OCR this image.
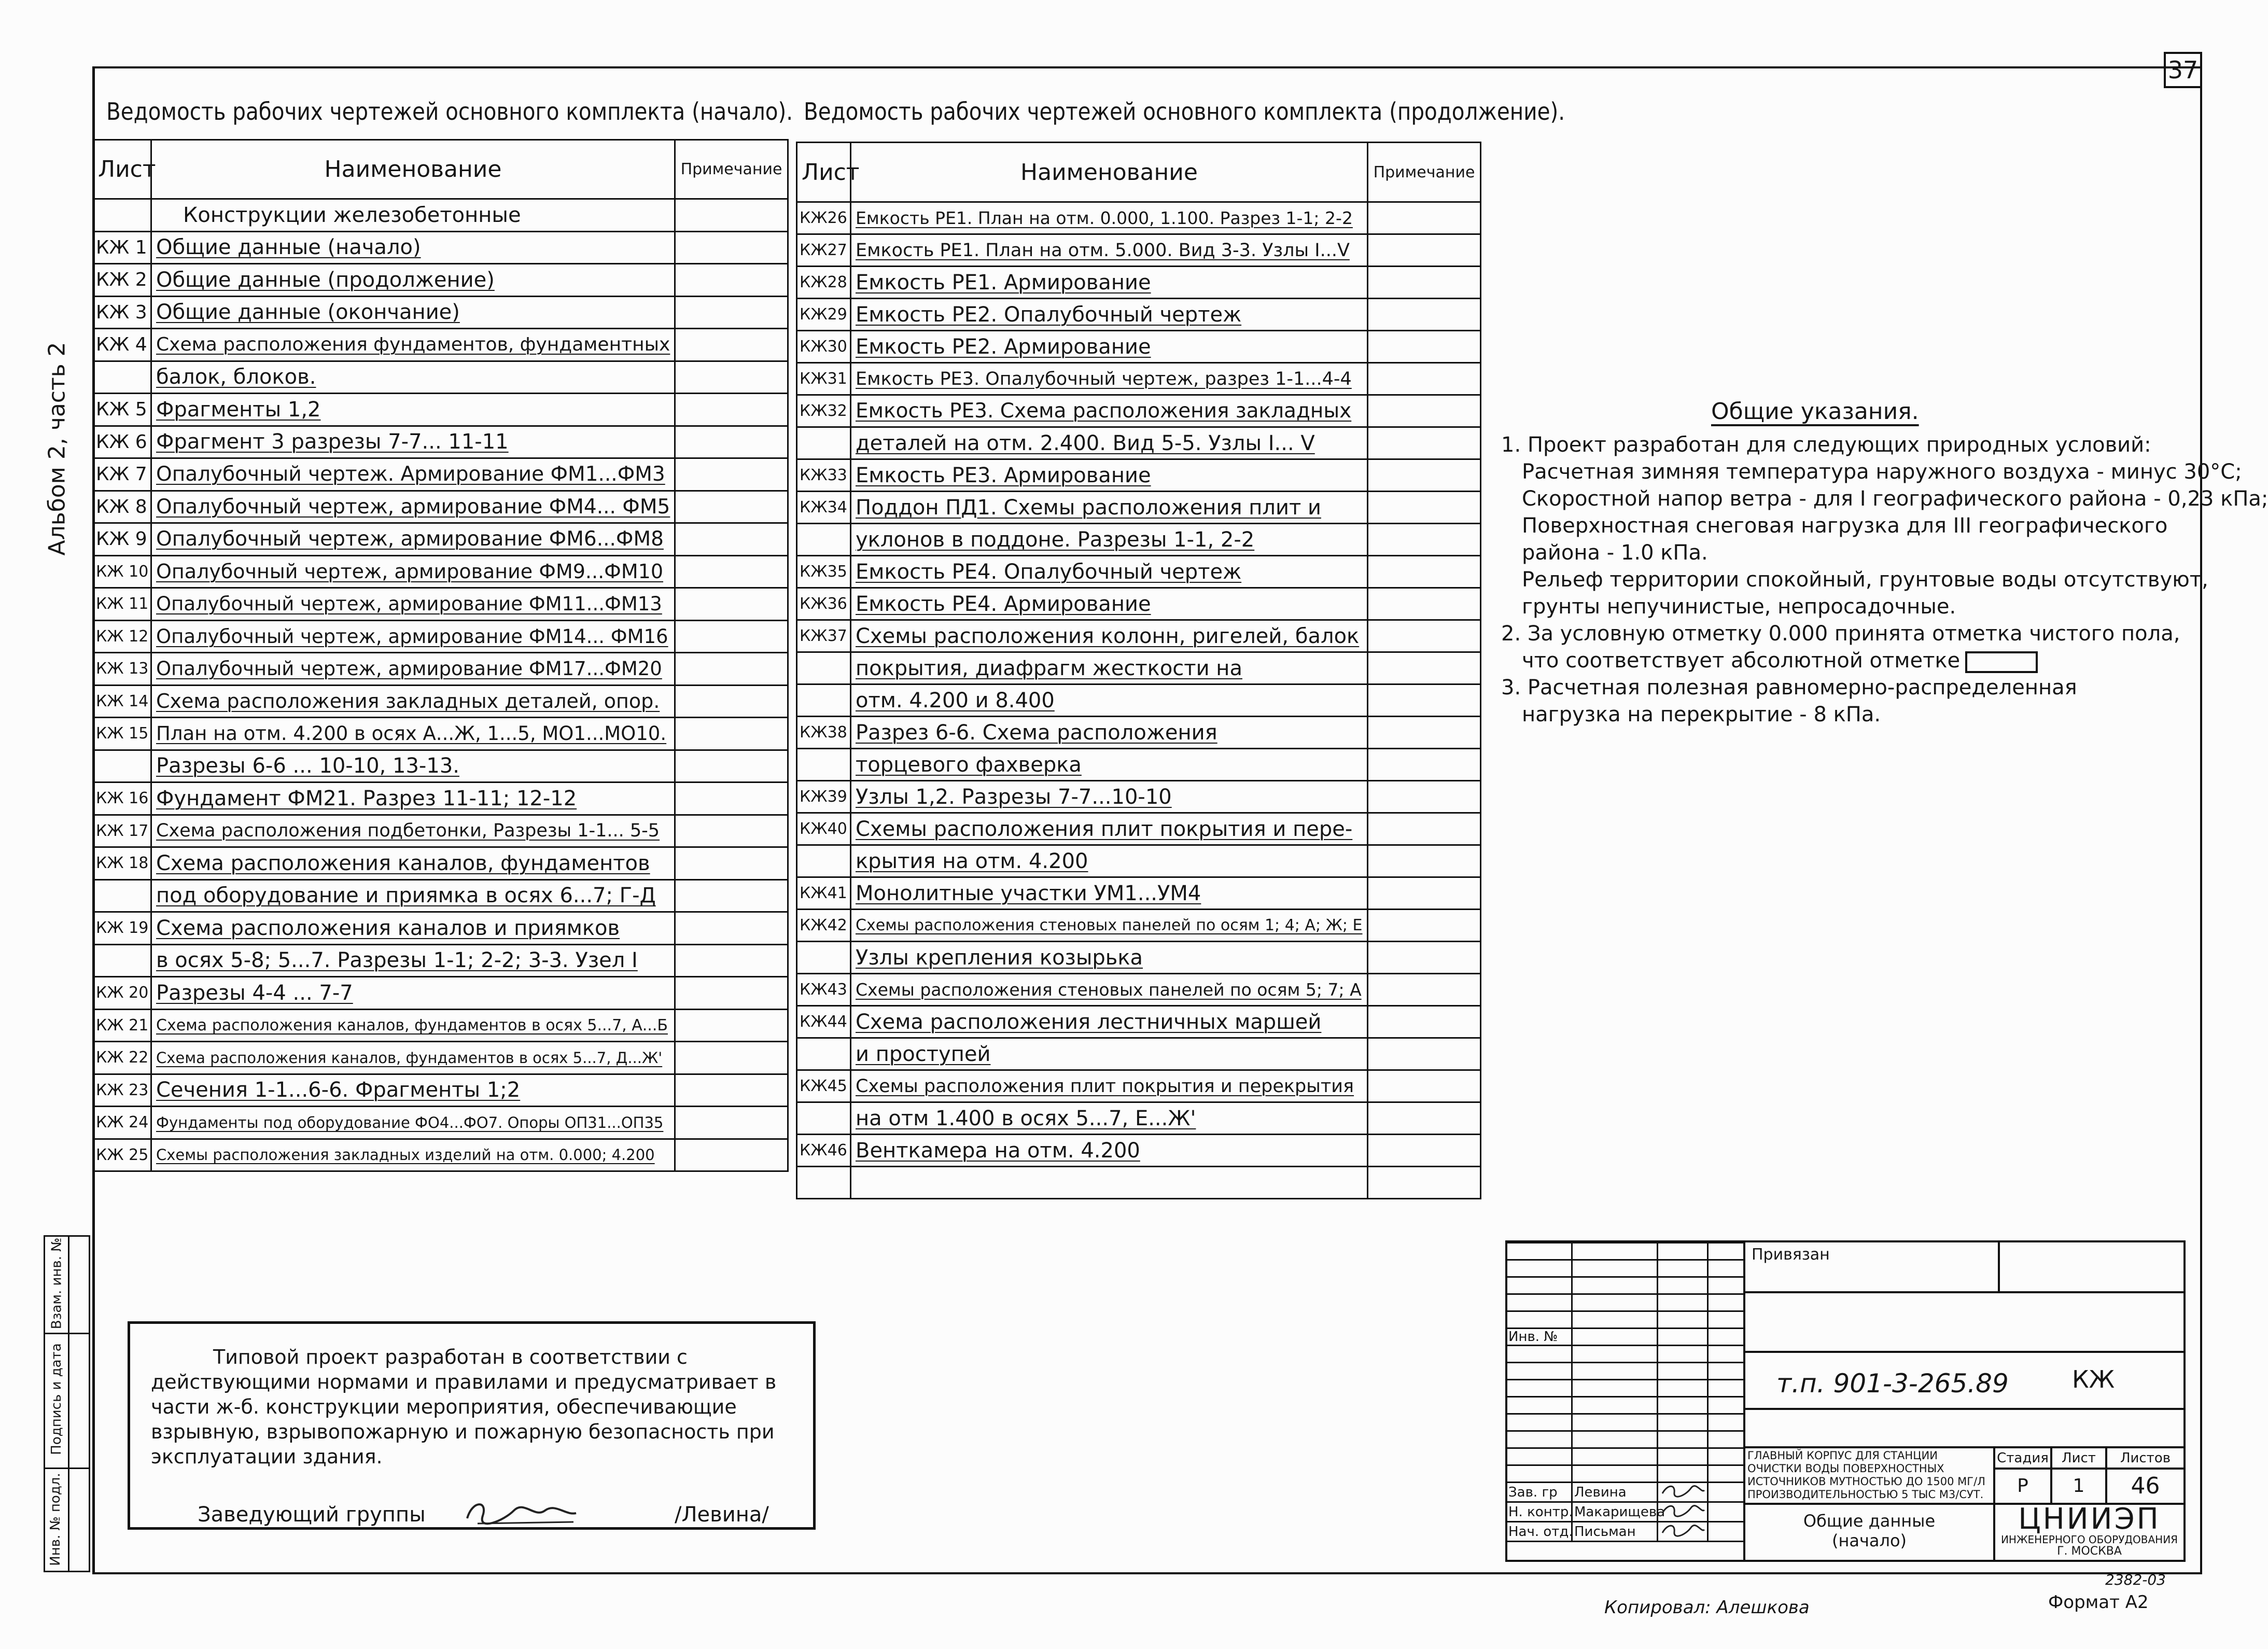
37
Альбом 2, часть 2
Взам. инв. №
Подпись и дата
Инв. № подл.
Ведомость рабочих чертежей основного комплекта (начало). Ведомость рабочих чертежей основного комплекта (продолжение).
Лист	Наименование	Примечание

	Конструкции железобетонные	

КЖ 1	Общие данные (начало)	

КЖ 2	Общие данные (продолжение)	

КЖ 3	Общие данные (окончание)	

КЖ 4	Схема расположения фундаментов, фундаментных	

	балок, блоков.	

КЖ 5	Фрагменты 1,2	

КЖ 6	Фрагмент 3 разрезы 7-7... 11-11	

КЖ 7	Опалубочный чертеж. Армирование ФМ1...ФМ3	

КЖ 8	Опалубочный чертеж, армирование ФМ4... ФМ5	

КЖ 9	Опалубочный чертеж, армирование ФМ6...ФМ8	

КЖ 10	Опалубочный чертеж, армирование ФМ9...ФМ10	

КЖ 11	Опалубочный чертеж, армирование ФМ11...ФМ13	

КЖ 12	Опалубочный чертеж, армирование ФМ14... ФМ16	

КЖ 13	Опалубочный чертеж, армирование ФМ17...ФМ20	

КЖ 14	Схема расположения закладных деталей, опор.	

КЖ 15	План на отм. 4.200 в осях А...Ж, 1...5, МО1...МО10.	

	Разрезы 6-6 ... 10-10, 13-13.	

КЖ 16	Фундамент ФМ21. Разрез 11-11; 12-12	

КЖ 17	Схема расположения подбетонки, Разрезы 1-1... 5-5	

КЖ 18	Схема расположения каналов, фундаментов	

	под оборудование и приямка в осях 6...7; Г-Д	

КЖ 19	Схема расположения каналов и приямков	

	в осях 5-8; 5...7. Разрезы 1-1; 2-2; 3-3. Узел I	

КЖ 20	Разрезы 4-4 ... 7-7	

КЖ 21	Схема расположения каналов, фундаментов в осях 5...7, А...Б	

КЖ 22	Схема расположения каналов, фундаментов в осях 5...7, Д...Ж'	

КЖ 23	Сечения 1-1...6-6. Фрагменты 1;2	

КЖ 24	Фундаменты под оборудование ФО4...ФО7. Опоры ОП31...ОП35	

КЖ 25	Схемы расположения закладных изделий на отм. 0.000; 4.200	

Лист	Наименование	Примечание

КЖ26	Емкость РЕ1. План на отм. 0.000, 1.100. Разрез 1-1; 2-2	

КЖ27	Емкость РЕ1. План на отм. 5.000. Вид 3-3. Узлы I...V	

КЖ28	Емкость РЕ1. Армирование	

КЖ29	Емкость РЕ2. Опалубочный чертеж	

КЖ30	Емкость РЕ2. Армирование	

КЖ31	Емкость РЕ3. Опалубочный чертеж, разрез 1-1...4-4	

КЖ32	Емкость РЕ3. Схема расположения закладных	

	деталей на отм. 2.400. Вид 5-5. Узлы I... V	

КЖ33	Емкость РЕ3. Армирование	

КЖ34	Поддон ПД1. Схемы расположения плит и	

	уклонов в поддоне. Разрезы 1-1, 2-2	

КЖ35	Емкость РЕ4. Опалубочный чертеж	

КЖ36	Емкость РЕ4. Армирование	

КЖ37	Схемы расположения колонн, ригелей, балок	

	покрытия, диафрагм жесткости на	

	отм. 4.200 и 8.400	

КЖ38	Разрез 6-6. Схема расположения	

	торцевого фахверка	

КЖ39	Узлы 1,2. Разрезы 7-7...10-10	

КЖ40	Схемы расположения плит покрытия и пере-	

	крытия на отм. 4.200	

КЖ41	Монолитные участки УМ1...УМ4	

КЖ42	Схемы расположения стеновых панелей по осям 1; 4; А; Ж; Е	

	Узлы крепления козырька	

КЖ43	Схемы расположения стеновых панелей по осям 5; 7; А	

КЖ44	Схема расположения лестничных маршей	

	и проступей	

КЖ45	Схемы расположения плит покрытия и перекрытия	

	на отм 1.400 в осях 5...7, Е...Ж'	

КЖ46	Венткамера на отм. 4.200	

Общие указания.
1. Проект разработан для следующих природных условий:
Расчетная зимняя температура наружного воздуха - минус 30°С;
Скоростной напор ветра - для I географического района - 0,23 кПа;
Поверхностная снеговая нагрузка для III географического
района - 1.0 кПа.
Рельеф территории спокойный, грунтовые воды отсутствуют,
грунты непучинистые, непросадочные.
2. За условную отметку 0.000 принята отметка чистого пола,
что соответствует абсолютной отметке
3. Расчетная полезная равномерно-распределенная
нагрузка на перекрытие - 8 кПа.
Типовой проект разработан в соответствии с действующими нормами и правилами и предусматривает в части ж-б. конструкции мероприятия, обеспечивающие взрывную, взрывопожарную и пожарную безопасность при эксплуатации здания.
Заведующий группы	/Левина/

Инв. №			

Зав. гр	Левина		
Н. контр.	Макарищева		
Нач. отд.	Письман		
Привязан
т.п. 901-3-265.89	КЖ
ГЛАВНЫЙ КОРПУС ДЛЯ СТАНЦИИ ОЧИСТКИ ВОДЫ ПОВЕРХНОСТНЫХ ИСТОЧНИКОВ МУТНОСТЬЮ ДО 1500 МГ/Л ПРОИЗВОДИТЕЛЬНОСТЬЮ 5 ТЫС М3/СУТ.
Стадия Лист	Листов
Р	1	46
Общие данные
(начало)
ЦНИИЭП
ИНЖЕНЕРНОГО ОБОРУДОВАНИЯ
Г. МОСКВА
Копировал: Алешкова
2382-03
Формат А2
